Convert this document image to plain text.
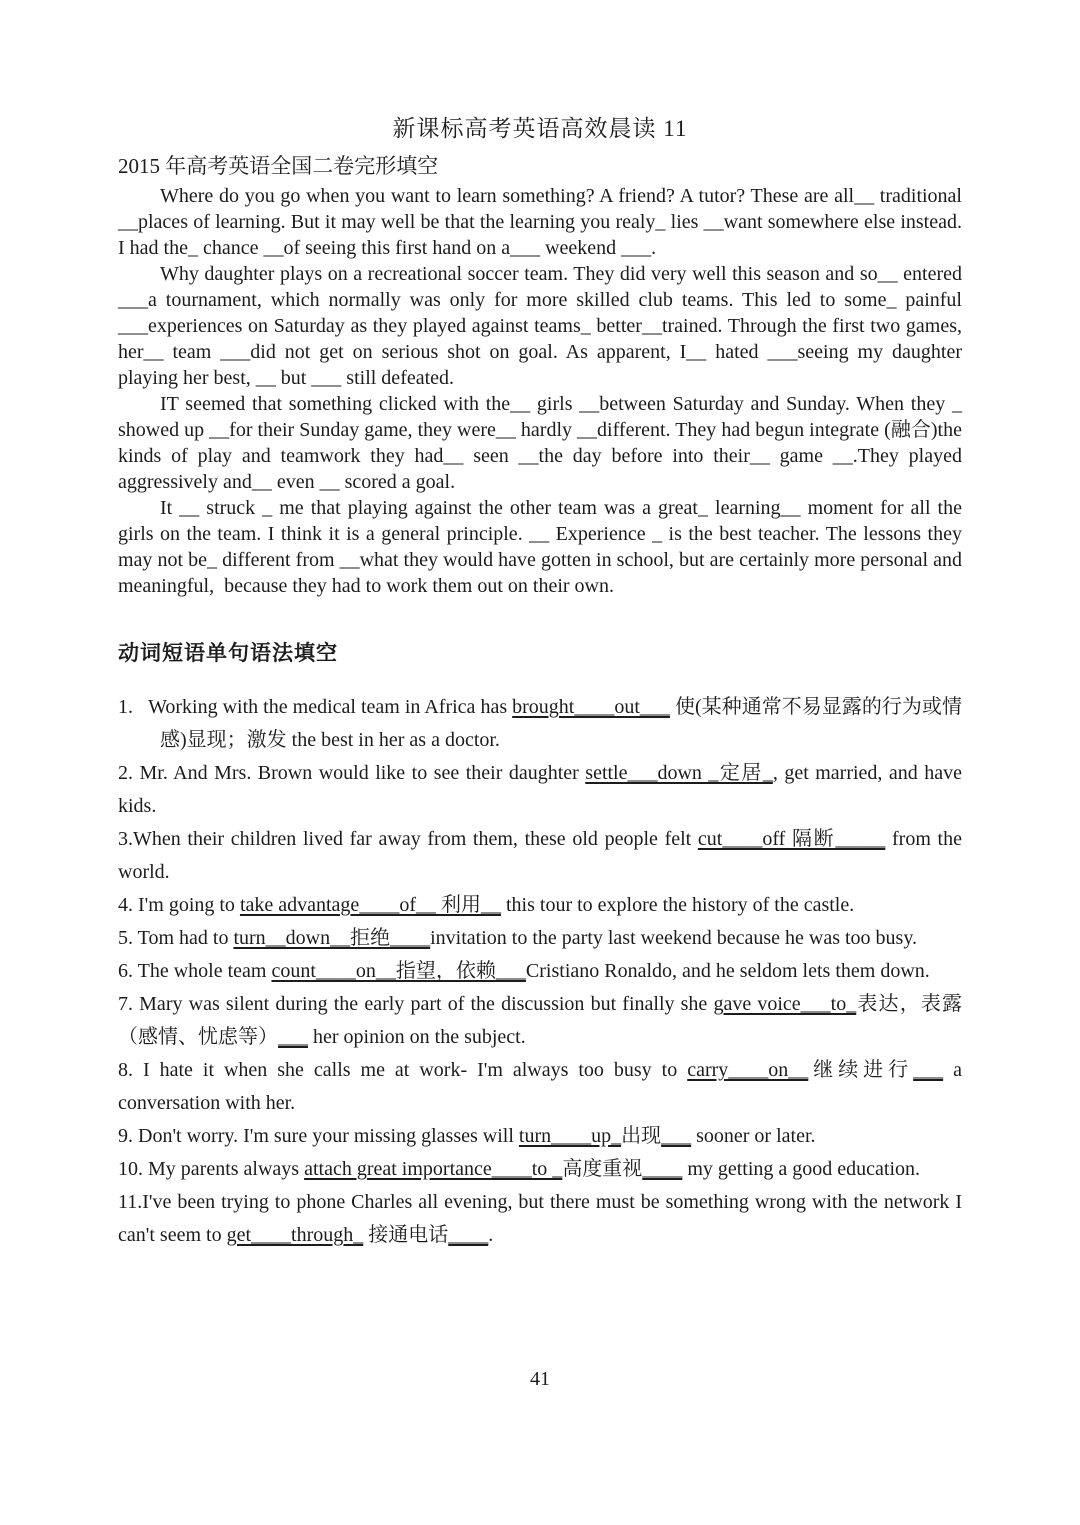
新课标高考英语高效晨读 11
2015 年高考英语全国二卷完形填空

Where do you go when you want to learn something? A friend? A tutor? These are all__ traditional __places of learning. But it may well be that the learning you realy_ lies __want somewhere else instead. I had the_ chance __of seeing this first hand on a___ weekend ___.

Why daughter plays on a recreational soccer team. They did very well this season and so__ entered ___a tournament, which normally was only for more skilled club teams. This led to some_ painful ___experiences on Saturday as they played against teams_ better__trained. Through the first two games, her__ team ___did not get on serious shot on goal. As apparent, I__ hated ___seeing my daughter playing her best, __ but ___ still defeated.

IT seemed that something clicked with the__ girls __between Saturday and Sunday. When they _ showed up __for their Sunday game, they were__ hardly __different. They had begun integrate (融合)the kinds of play and teamwork they had__ seen __the day before into their__ game __.They played aggressively and__ even __ scored a goal.

It __ struck _ me that playing against the other team was a great_ learning__ moment for all the girls on the team. I think it is a general principle. __ Experience _ is the best teacher. The lessons they may not be_ different from __what they would have gotten in school, but are certainly more personal and meaningful,  because they had to work them out on their own.

动词短语单句语法填空

1.   Working with the medical team in Africa has brought____out___ 使(某种通常不易显露的行为或情感)显现；激发 the best in her as a doctor.

2. Mr. And Mrs. Brown would like to see their daughter settle___down _定居_, get married, and have kids.

3.When their children lived far away from them, these old people felt cut____off 隔断_____ from the world.

4. I'm going to take advantage____of__ 利用__ this tour to explore the history of the castle.

5. Tom had to turn__down__拒绝____invitation to the party last weekend because he was too busy.

6. The whole team count____on__指望，依赖___Cristiano Ronaldo, and he seldom lets them down.

7. Mary was silent during the early part of the discussion but finally she gave voice___to_表达，表露（感情、忧虑等）___ her opinion on the subject.

8. I hate it when she calls me at work- I'm always too busy to carry____on__继续进行___ a conversation with her.

9. Don't worry. I'm sure your missing glasses will turn____up_出现___ sooner or later.

10. My parents always attach great importance____to _高度重视____ my getting a good education.

11.I've been trying to phone Charles all evening, but there must be something wrong with the network I can't seem to get____through_ 接通电话____.

41
